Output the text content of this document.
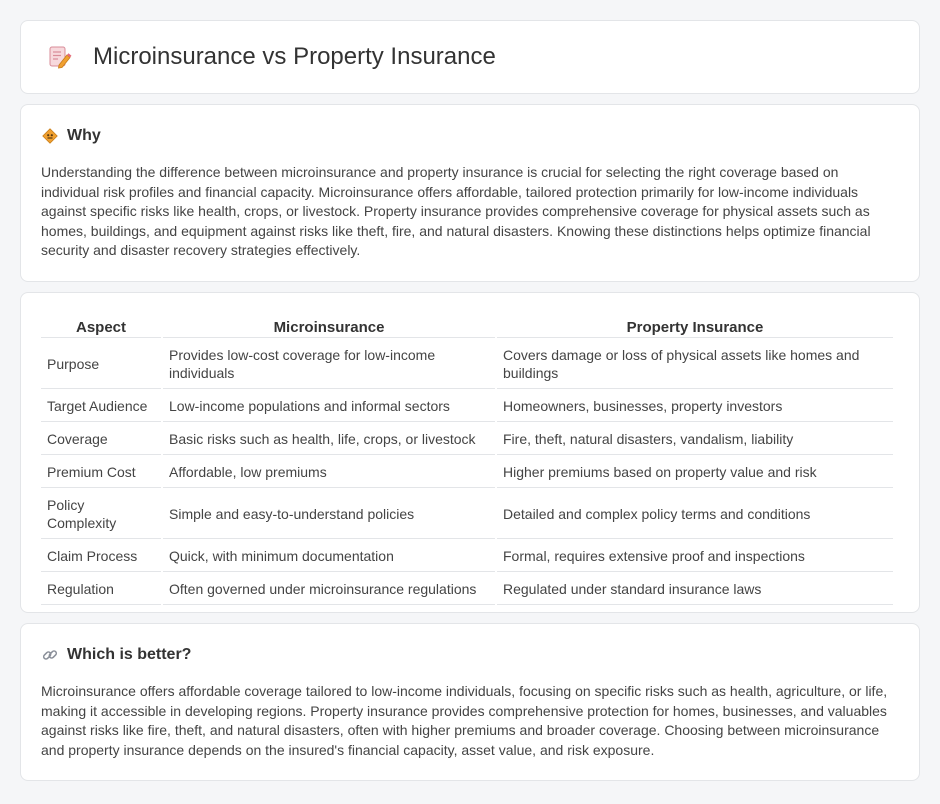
Microinsurance vs Property Insurance
Why

Understanding the difference between microinsurance and property insurance is crucial for selecting the right coverage based on individual risk profiles and financial capacity. Microinsurance offers affordable, tailored protection primarily for low-income individuals against specific risks like health, crops, or livestock. Property insurance provides comprehensive coverage for physical assets such as homes, buildings, and equipment against risks like theft, fire, and natural disasters. Knowing these distinctions helps optimize financial security and disaster recovery strategies effectively.

Aspect	Microinsurance	Property Insurance
Purpose	Provides low-cost coverage for low-income individuals	Covers damage or loss of physical assets like homes and buildings
Target Audience	Low-income populations and informal sectors	Homeowners, businesses, property investors
Coverage	Basic risks such as health, life, crops, or livestock	Fire, theft, natural disasters, vandalism, liability
Premium Cost	Affordable, low premiums	Higher premiums based on property value and risk
Policy Complexity	Simple and easy-to-understand policies	Detailed and complex policy terms and conditions
Claim Process	Quick, with minimum documentation	Formal, requires extensive proof and inspections
Regulation	Often governed under microinsurance regulations	Regulated under standard insurance laws
Which is better?

Microinsurance offers affordable coverage tailored to low-income individuals, focusing on specific risks such as health, agriculture, or life, making it accessible in developing regions. Property insurance provides comprehensive protection for homes, businesses, and valuables against risks like fire, theft, and natural disasters, often with higher premiums and broader coverage. Choosing between microinsurance and property insurance depends on the insured's financial capacity, asset value, and risk exposure.
